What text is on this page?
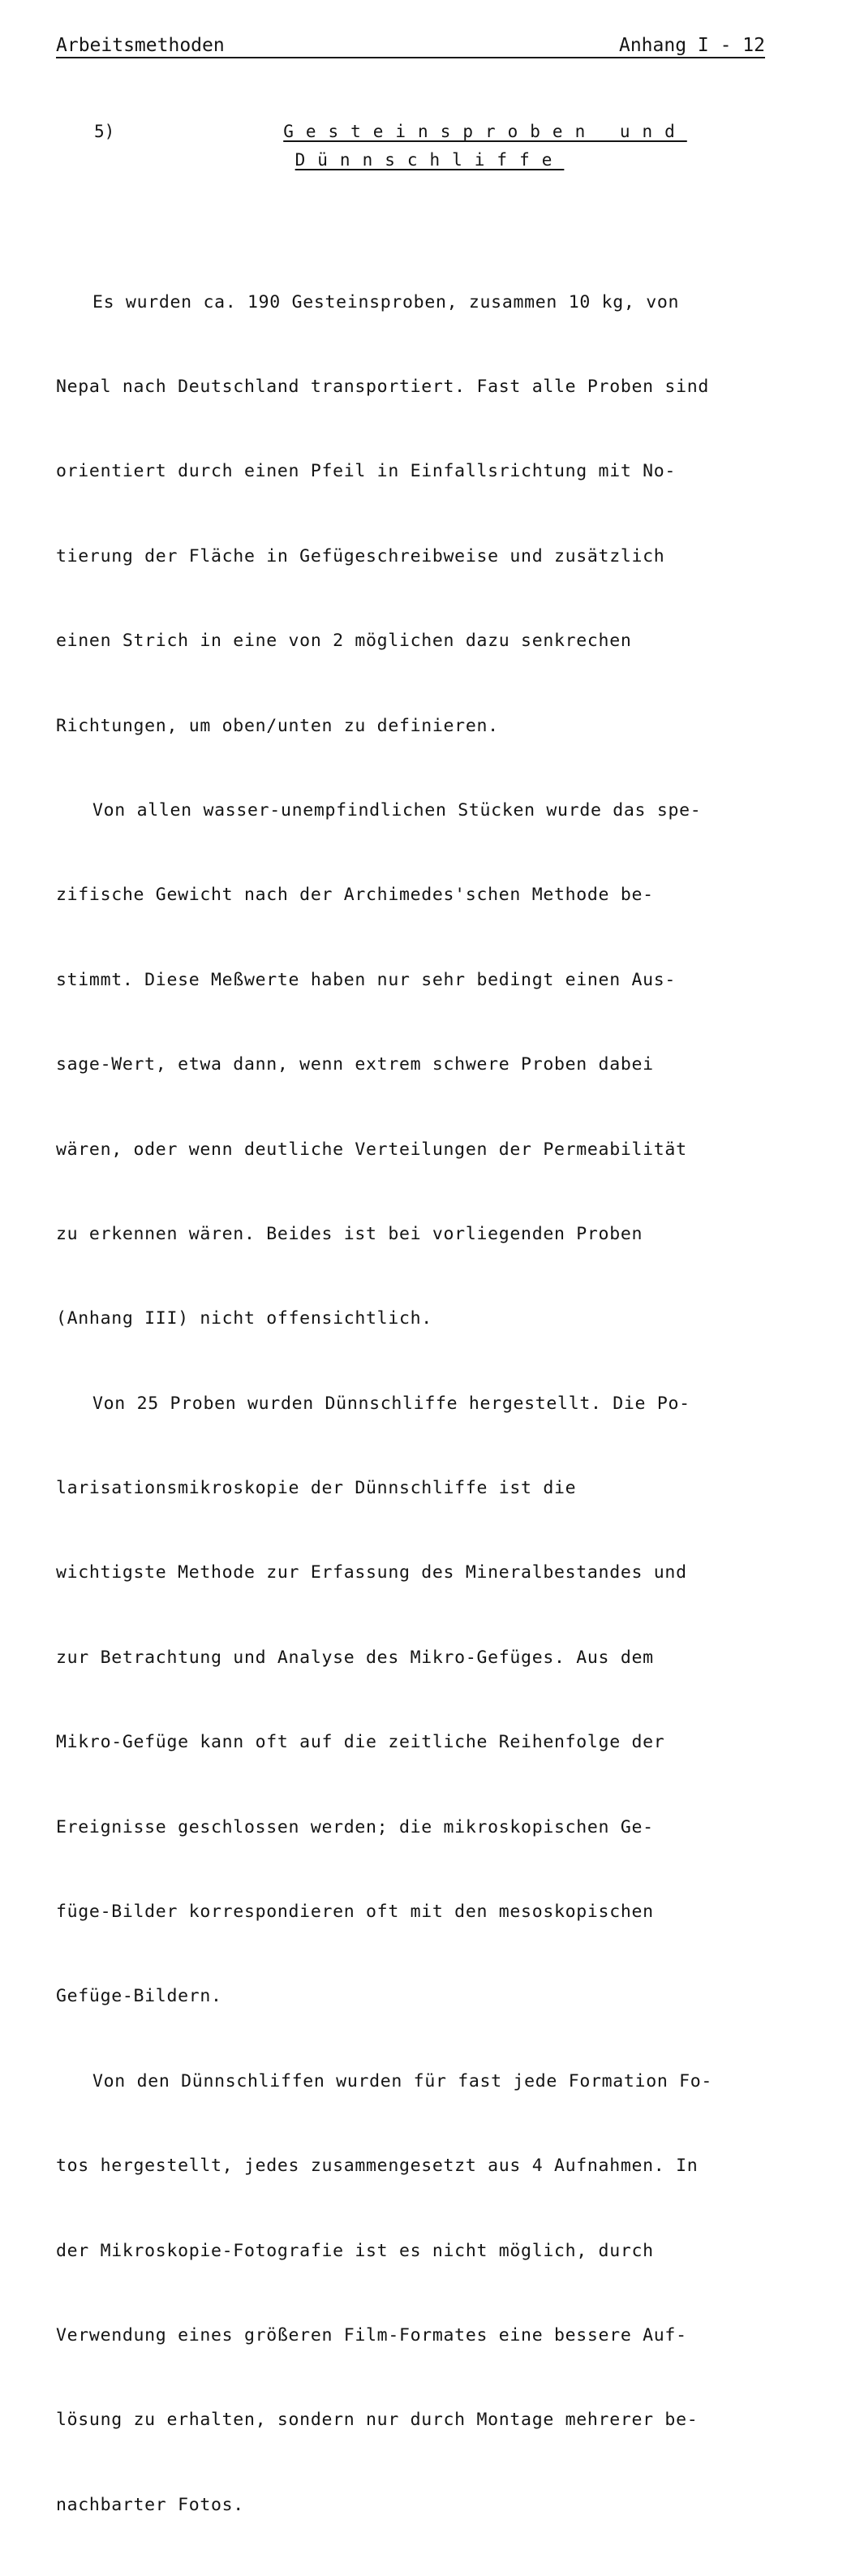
Arbeitsmethoden	Anhang I - 12
5)	Gesteinsproben und
Dünnschliffe

Es wurden ca. 190 Gesteinsproben, zusammen 10 kg, von

Nepal nach Deutschland transportiert. Fast alle Proben sind

orientiert durch einen Pfeil in Einfallsrichtung mit No-

tierung der Fläche in Gefügeschreibweise und zusätzlich

einen Strich in eine von 2 möglichen dazu senkrechen

Richtungen, um oben/unten zu definieren.

Von allen wasser-unempfindlichen Stücken wurde das spe-

zifische Gewicht nach der Archimedes'schen Methode be-

stimmt. Diese Meßwerte haben nur sehr bedingt einen Aus-

sage-Wert, etwa dann, wenn extrem schwere Proben dabei

wären, oder wenn deutliche Verteilungen der Permeabilität

zu erkennen wären. Beides ist bei vorliegenden Proben

(Anhang III) nicht offensichtlich.

Von 25 Proben wurden Dünnschliffe hergestellt. Die Po-

larisationsmikroskopie der Dünnschliffe ist die

wichtigste Methode zur Erfassung des Mineralbestandes und

zur Betrachtung und Analyse des Mikro-Gefüges. Aus dem

Mikro-Gefüge kann oft auf die zeitliche Reihenfolge der

Ereignisse geschlossen werden; die mikroskopischen Ge-

füge-Bilder korrespondieren oft mit den mesoskopischen

Gefüge-Bildern.

Von den Dünnschliffen wurden für fast jede Formation Fo-

tos hergestellt, jedes zusammengesetzt aus 4 Aufnahmen. In

der Mikroskopie-Fotografie ist es nicht möglich, durch

Verwendung eines größeren Film-Formates eine bessere Auf-

lösung zu erhalten, sondern nur durch Montage mehrerer be-

nachbarter Fotos.
